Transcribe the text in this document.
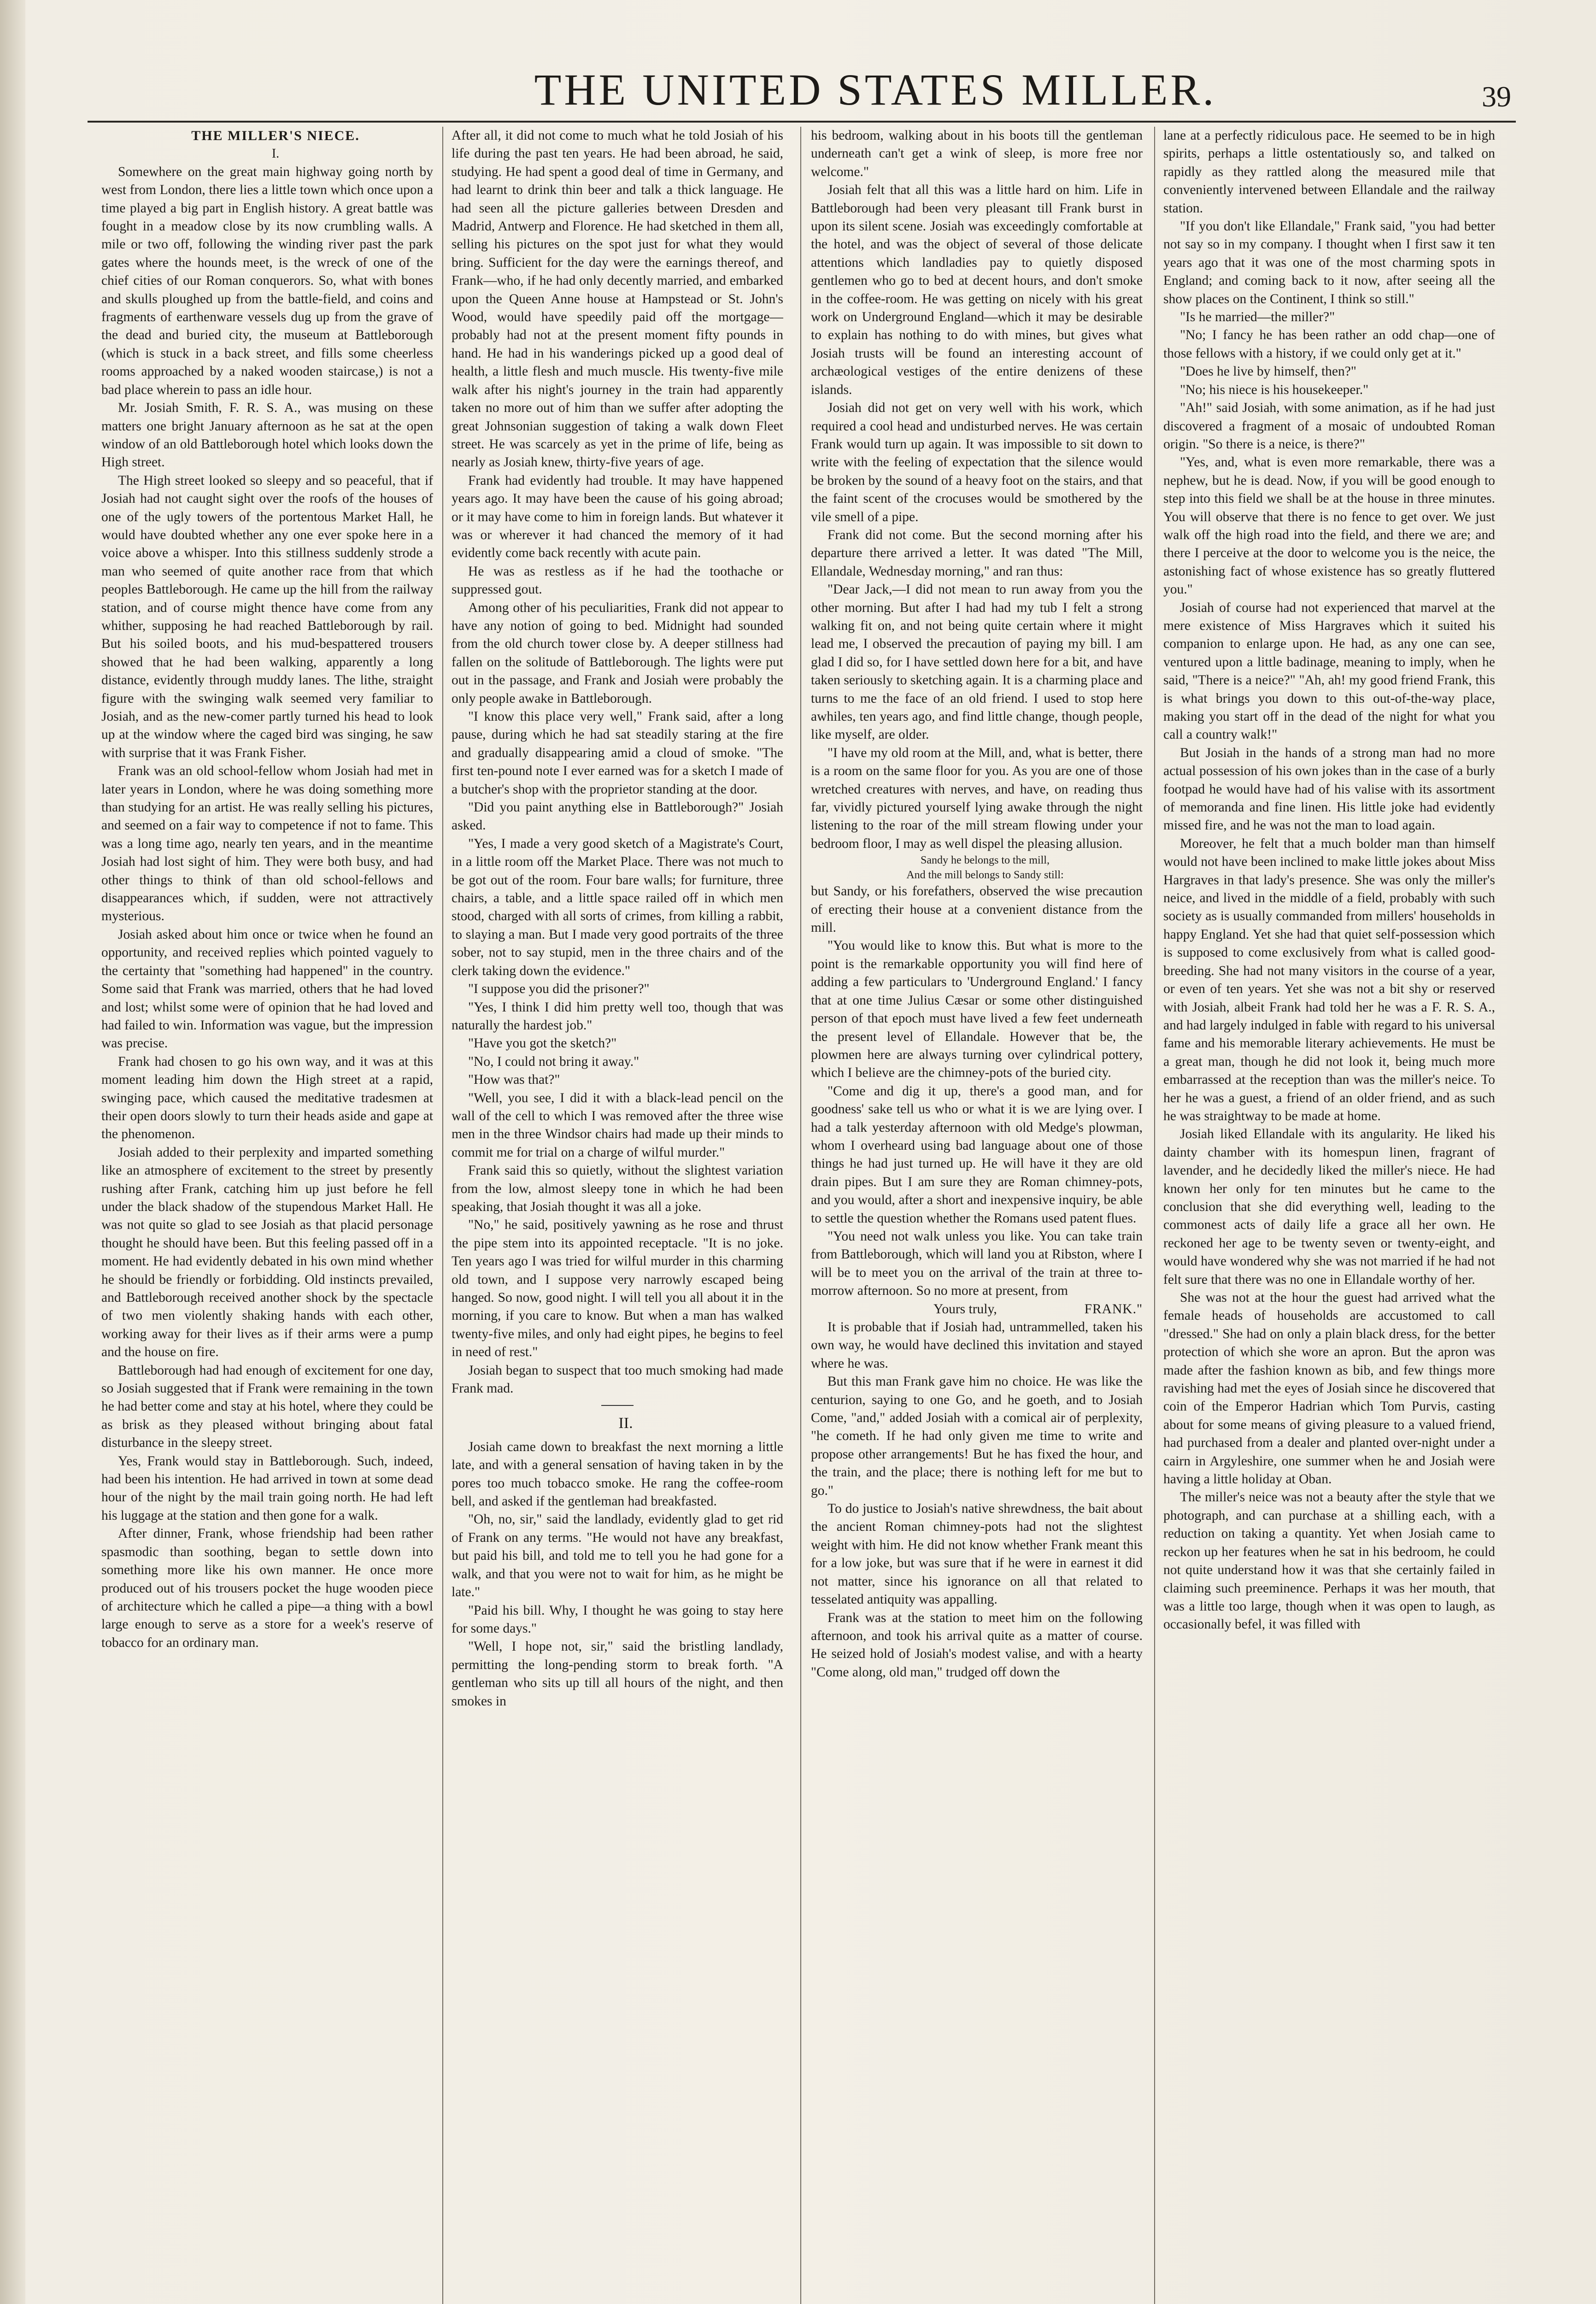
THE UNITED STATES MILLER.	39

THE MILLER'S NIECE.

I.

Somewhere on the great main highway going north by west from London, there lies a little town which once upon a time played a big part in English history. A great battle was fought in a meadow close by its now crumbling walls. A mile or two off, following the winding river past the park gates where the hounds meet, is the wreck of one of the chief cities of our Roman conquerors. So, what with bones and skulls ploughed up from the battle-field, and coins and fragments of earthenware vessels dug up from the grave of the dead and buried city, the museum at Battleborough (which is stuck in a back street, and fills some cheerless rooms approached by a naked wooden staircase,) is not a bad place wherein to pass an idle hour.

Mr. Josiah Smith, F. R. S. A., was musing on these matters one bright January afternoon as he sat at the open window of an old Battleborough hotel which looks down the High street.

The High street looked so sleepy and so peaceful, that if Josiah had not caught sight over the roofs of the houses of one of the ugly towers of the portentous Market Hall, he would have doubted whether any one ever spoke here in a voice above a whisper. Into this stillness suddenly strode a man who seemed of quite another race from that which peoples Battleborough. He came up the hill from the railway station, and of course might thence have come from any whither, supposing he had reached Battleborough by rail. But his soiled boots, and his mud-bespattered trousers showed that he had been walking, apparently a long distance, evidently through muddy lanes. The lithe, straight figure with the swinging walk seemed very familiar to Josiah, and as the new-comer partly turned his head to look up at the window where the caged bird was singing, he saw with surprise that it was Frank Fisher.

Frank was an old school-fellow whom Josiah had met in later years in London, where he was doing something more than studying for an artist. He was really selling his pictures, and seemed on a fair way to competence if not to fame. This was a long time ago, nearly ten years, and in the meantime Josiah had lost sight of him. They were both busy, and had other things to think of than old school-fellows and disappearances which, if sudden, were not attractively mysterious.

Josiah asked about him once or twice when he found an opportunity, and received replies which pointed vaguely to the certainty that "something had happened" in the country. Some said that Frank was married, others that he had loved and lost; whilst some were of opinion that he had loved and had failed to win. Information was vague, but the impression was precise.

Frank had chosen to go his own way, and it was at this moment leading him down the High street at a rapid, swinging pace, which caused the meditative tradesmen at their open doors slowly to turn their heads aside and gape at the phenomenon.

Josiah added to their perplexity and imparted something like an atmosphere of excitement to the street by presently rushing after Frank, catching him up just before he fell under the black shadow of the stupendous Market Hall. He was not quite so glad to see Josiah as that placid personage thought he should have been. But this feeling passed off in a moment. He had evidently debated in his own mind whether he should be friendly or forbidding. Old instincts prevailed, and Battleborough received another shock by the spectacle of two men violently shaking hands with each other, working away for their lives as if their arms were a pump and the house on fire.

Battleborough had had enough of excitement for one day, so Josiah suggested that if Frank were remaining in the town he had better come and stay at his hotel, where they could be as brisk as they pleased without bringing about fatal disturbance in the sleepy street.

Yes, Frank would stay in Battleborough. Such, indeed, had been his intention. He had arrived in town at some dead hour of the night by the mail train going north. He had left his luggage at the station and then gone for a walk.

After dinner, Frank, whose friendship had been rather spasmodic than soothing, began to settle down into something more like his own manner. He once more produced out of his trousers pocket the huge wooden piece of architecture which he called a pipe—a thing with a bowl large enough to serve as a store for a week's reserve of tobacco for an ordinary man.

After all, it did not come to much what he told Josiah of his life during the past ten years. He had been abroad, he said, studying. He had spent a good deal of time in Germany, and had learnt to drink thin beer and talk a thick language. He had seen all the picture galleries between Dresden and Madrid, Antwerp and Florence. He had sketched in them all, selling his pictures on the spot just for what they would bring. Sufficient for the day were the earnings thereof, and Frank—who, if he had only decently married, and embarked upon the Queen Anne house at Hampstead or St. John's Wood, would have speedily paid off the mortgage—probably had not at the present moment fifty pounds in hand. He had in his wanderings picked up a good deal of health, a little flesh and much muscle. His twenty-five mile walk after his night's journey in the train had apparently taken no more out of him than we suffer after adopting the great Johnsonian suggestion of taking a walk down Fleet street. He was scarcely as yet in the prime of life, being as nearly as Josiah knew, thirty-five years of age.

Frank had evidently had trouble. It may have happened years ago. It may have been the cause of his going abroad; or it may have come to him in foreign lands. But whatever it was or wherever it had chanced the memory of it had evidently come back recently with acute pain.

He was as restless as if he had the toothache or suppressed gout.

Among other of his peculiarities, Frank did not appear to have any notion of going to bed. Midnight had sounded from the old church tower close by. A deeper stillness had fallen on the solitude of Battleborough. The lights were put out in the passage, and Frank and Josiah were probably the only people awake in Battleborough.

"I know this place very well," Frank said, after a long pause, during which he had sat steadily staring at the fire and gradually disappearing amid a cloud of smoke. "The first ten-pound note I ever earned was for a sketch I made of a butcher's shop with the proprietor standing at the door.

"Did you paint anything else in Battleborough?" Josiah asked.

"Yes, I made a very good sketch of a Magistrate's Court, in a little room off the Market Place. There was not much to be got out of the room. Four bare walls; for furniture, three chairs, a table, and a little space railed off in which men stood, charged with all sorts of crimes, from killing a rabbit, to slaying a man. But I made very good portraits of the three sober, not to say stupid, men in the three chairs and of the clerk taking down the evidence."

"I suppose you did the prisoner?"

"Yes, I think I did him pretty well too, though that was naturally the hardest job."

"Have you got the sketch?"

"No, I could not bring it away."

"How was that?"

"Well, you see, I did it with a black-lead pencil on the wall of the cell to which I was removed after the three wise men in the three Windsor chairs had made up their minds to commit me for trial on a charge of wilful murder."

Frank said this so quietly, without the slightest variation from the low, almost sleepy tone in which he had been speaking, that Josiah thought it was all a joke.

"No," he said, positively yawning as he rose and thrust the pipe stem into its appointed receptacle. "It is no joke. Ten years ago I was tried for wilful murder in this charming old town, and I suppose very narrowly escaped being hanged. So now, good night. I will tell you all about it in the morning, if you care to know. But when a man has walked twenty-five miles, and only had eight pipes, he begins to feel in need of rest."

Josiah began to suspect that too much smoking had made Frank mad.

II.

Josiah came down to breakfast the next morning a little late, and with a general sensation of having taken in by the pores too much tobacco smoke. He rang the coffee-room bell, and asked if the gentleman had breakfasted.

"Oh, no, sir," said the landlady, evidently glad to get rid of Frank on any terms. "He would not have any breakfast, but paid his bill, and told me to tell you he had gone for a walk, and that you were not to wait for him, as he might be late."

"Paid his bill. Why, I thought he was going to stay here for some days."

"Well, I hope not, sir," said the bristling landlady, permitting the long-pending storm to break forth. "A gentleman who sits up till all hours of the night, and then smokes in

his bedroom, walking about in his boots till the gentleman underneath can't get a wink of sleep, is more free nor welcome."

Josiah felt that all this was a little hard on him. Life in Battleborough had been very pleasant till Frank burst in upon its silent scene. Josiah was exceedingly comfortable at the hotel, and was the object of several of those delicate attentions which landladies pay to quietly disposed gentlemen who go to bed at decent hours, and don't smoke in the coffee-room. He was getting on nicely with his great work on Underground England—which it may be desirable to explain has nothing to do with mines, but gives what Josiah trusts will be found an interesting account of archæological vestiges of the entire denizens of these islands.

Josiah did not get on very well with his work, which required a cool head and undisturbed nerves. He was certain Frank would turn up again. It was impossible to sit down to write with the feeling of expectation that the silence would be broken by the sound of a heavy foot on the stairs, and that the faint scent of the crocuses would be smothered by the vile smell of a pipe.

Frank did not come. But the second morning after his departure there arrived a letter. It was dated "The Mill, Ellandale, Wednesday morning," and ran thus:

"Dear Jack,—I did not mean to run away from you the other morning. But after I had had my tub I felt a strong walking fit on, and not being quite certain where it might lead me, I observed the precaution of paying my bill. I am glad I did so, for I have settled down here for a bit, and have taken seriously to sketching again. It is a charming place and turns to me the face of an old friend. I used to stop here awhiles, ten years ago, and find little change, though people, like myself, are older.

"I have my old room at the Mill, and, what is better, there is a room on the same floor for you. As you are one of those wretched creatures with nerves, and have, on reading thus far, vividly pictured yourself lying awake through the night listening to the roar of the mill stream flowing under your bedroom floor, I may as well dispel the pleasing allusion.

Sandy he belongs to the mill,

And the mill belongs to Sandy still:

but Sandy, or his forefathers, observed the wise precaution of erecting their house at a convenient distance from the mill.

"You would like to know this. But what is more to the point is the remarkable opportunity you will find here of adding a few particulars to 'Underground England.' I fancy that at one time Julius Cæsar or some other distinguished person of that epoch must have lived a few feet underneath the present level of Ellandale. However that be, the plowmen here are always turning over cylindrical pottery, which I believe are the chimney-pots of the buried city.

"Come and dig it up, there's a good man, and for goodness' sake tell us who or what it is we are lying over. I had a talk yesterday afternoon with old Medge's plowman, whom I overheard using bad language about one of those things he had just turned up. He will have it they are old drain pipes. But I am sure they are Roman chimney-pots, and you would, after a short and inexpensive inquiry, be able to settle the question whether the Romans used patent flues.

"You need not walk unless you like. You can take train from Battleborough, which will land you at Ribston, where I will be to meet you on the arrival of the train at three to-morrow afternoon. So no more at present, from

Yours truly,	FRANK."

It is probable that if Josiah had, untrammelled, taken his own way, he would have declined this invitation and stayed where he was.

But this man Frank gave him no choice. He was like the centurion, saying to one Go, and he goeth, and to Josiah Come, "and," added Josiah with a comical air of perplexity, "he cometh. If he had only given me time to write and propose other arrangements! But he has fixed the hour, and the train, and the place; there is nothing left for me but to go."

To do justice to Josiah's native shrewdness, the bait about the ancient Roman chimney-pots had not the slightest weight with him. He did not know whether Frank meant this for a low joke, but was sure that if he were in earnest it did not matter, since his ignorance on all that related to tesselated antiquity was appalling.

Frank was at the station to meet him on the following afternoon, and took his arrival quite as a matter of course. He seized hold of Josiah's modest valise, and with a hearty "Come along, old man," trudged off down the

lane at a perfectly ridiculous pace. He seemed to be in high spirits, perhaps a little ostentatiously so, and talked on rapidly as they rattled along the measured mile that conveniently intervened between Ellandale and the railway station.

"If you don't like Ellandale," Frank said, "you had better not say so in my company. I thought when I first saw it ten years ago that it was one of the most charming spots in England; and coming back to it now, after seeing all the show places on the Continent, I think so still."

"Is he married—the miller?"

"No; I fancy he has been rather an odd chap—one of those fellows with a history, if we could only get at it."

"Does he live by himself, then?"

"No; his niece is his housekeeper."

"Ah!" said Josiah, with some animation, as if he had just discovered a fragment of a mosaic of undoubted Roman origin. "So there is a neice, is there?"

"Yes, and, what is even more remarkable, there was a nephew, but he is dead. Now, if you will be good enough to step into this field we shall be at the house in three minutes. You will observe that there is no fence to get over. We just walk off the high road into the field, and there we are; and there I perceive at the door to welcome you is the neice, the astonishing fact of whose existence has so greatly fluttered you."

Josiah of course had not experienced that marvel at the mere existence of Miss Hargraves which it suited his companion to enlarge upon. He had, as any one can see, ventured upon a little badinage, meaning to imply, when he said, "There is a neice?" "Ah, ah! my good friend Frank, this is what brings you down to this out-of-the-way place, making you start off in the dead of the night for what you call a country walk!"

But Josiah in the hands of a strong man had no more actual possession of his own jokes than in the case of a burly footpad he would have had of his valise with its assortment of memoranda and fine linen. His little joke had evidently missed fire, and he was not the man to load again.

Moreover, he felt that a much bolder man than himself would not have been inclined to make little jokes about Miss Hargraves in that lady's presence. She was only the miller's neice, and lived in the middle of a field, probably with such society as is usually commanded from millers' households in happy England. Yet she had that quiet self-possession which is supposed to come exclusively from what is called good-breeding. She had not many visitors in the course of a year, or even of ten years. Yet she was not a bit shy or reserved with Josiah, albeit Frank had told her he was a F. R. S. A., and had largely indulged in fable with regard to his universal fame and his memorable literary achievements. He must be a great man, though he did not look it, being much more embarrassed at the reception than was the miller's neice. To her he was a guest, a friend of an older friend, and as such he was straightway to be made at home.

Josiah liked Ellandale with its angularity. He liked his dainty chamber with its homespun linen, fragrant of lavender, and he decidedly liked the miller's niece. He had known her only for ten minutes but he came to the conclusion that she did everything well, leading to the commonest acts of daily life a grace all her own. He reckoned her age to be twenty seven or twenty-eight, and would have wondered why she was not married if he had not felt sure that there was no one in Ellandale worthy of her.

She was not at the hour the guest had arrived what the female heads of households are accustomed to call "dressed." She had on only a plain black dress, for the better protection of which she wore an apron. But the apron was made after the fashion known as bib, and few things more ravishing had met the eyes of Josiah since he discovered that coin of the Emperor Hadrian which Tom Purvis, casting about for some means of giving pleasure to a valued friend, had purchased from a dealer and planted over-night under a cairn in Argyleshire, one summer when he and Josiah were having a little holiday at Oban.

The miller's neice was not a beauty after the style that we photograph, and can purchase at a shilling each, with a reduction on taking a quantity. Yet when Josiah came to reckon up her features when he sat in his bedroom, he could not quite understand how it was that she certainly failed in claiming such preeminence. Perhaps it was her mouth, that was a little too large, though when it was open to laugh, as occasionally befel, it was filled with
